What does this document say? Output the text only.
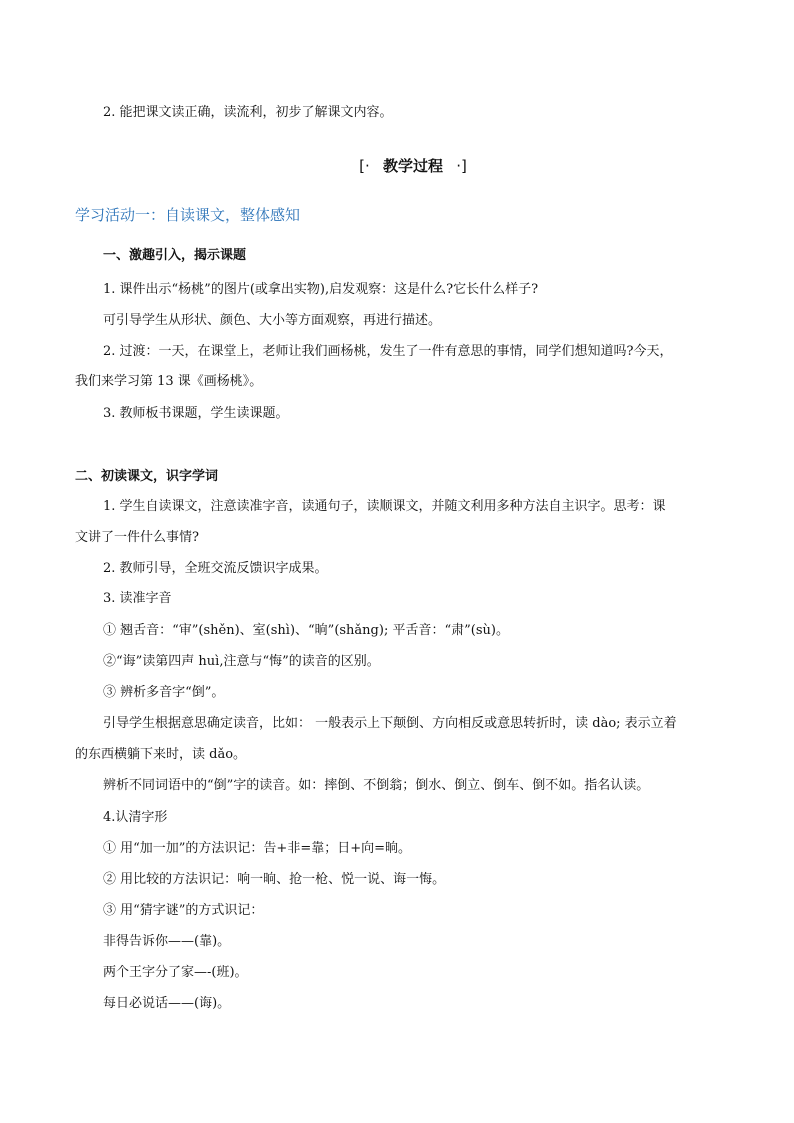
2. 能把课文读正确，读流利，初步了解课文内容。
[· 教学过程 ·]
学习活动一：自读课文，整体感知
一、激趣引入，揭示课题
1. 课件出示“杨桃”的图片(或拿出实物),启发观察：这是什么?它长什么样子?
可引导学生从形状、颜色、大小等方面观察，再进行描述。
2. 过渡：一天，在课堂上，老师让我们画杨桃，发生了一件有意思的事情，同学们想知道吗?今天，
我们来学习第 13 课《画杨桃》。
3. 教师板书课题，学生读课题。
二、初读课文，识字学词
1. 学生自读课文，注意读准字音，读通句子，读顺课文，并随文利用多种方法自主识字。思考：课
文讲了一件什么事情?
2. 教师引导，全班交流反馈识字成果。
3. 读准字音
① 翘舌音：“审”(shěn)、室(shì)、“晌”(shǎng); 平舌音：“肃”(sù)。
②“诲”读第四声 huì,注意与“悔”的读音的区别。
③ 辨析多音字“倒”。
引导学生根据意思确定读音，比如： 一般表示上下颠倒、方向相反或意思转折时，读 dào; 表示立着
的东西横躺下来时，读 dǎo。
辨析不同词语中的“倒”字的读音。如：摔倒、不倒翁；倒水、倒立、倒车、倒不如。指名认读。
4.认清字形
① 用“加一加”的方法识记：告+非=靠；日+向=晌。
② 用比较的方法识记：响一晌、抢一枪、悦一说、诲一悔。
③ 用“猜字谜”的方式识记：
非得告诉你——(靠)。
两个王字分了家—-(班)。
每日必说话——(诲)。
